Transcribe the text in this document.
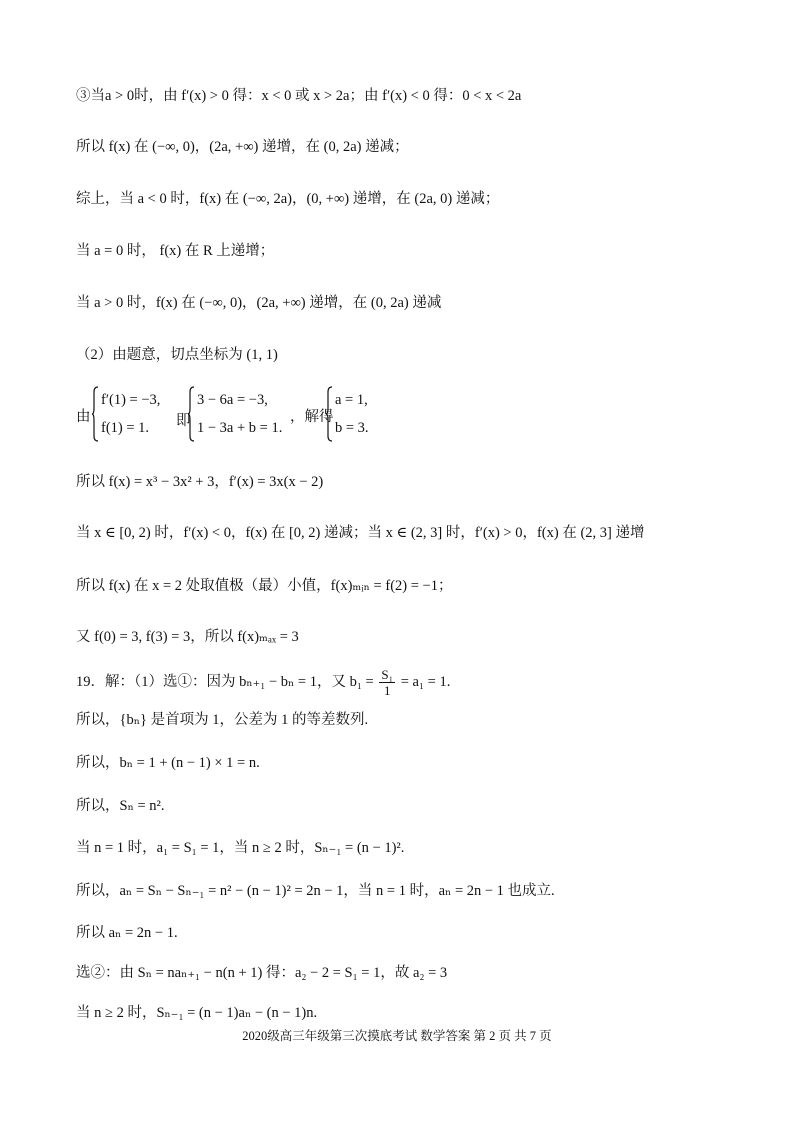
③当a > 0时，由 f′(x) > 0 得：x < 0 或 x > 2a；由 f′(x) < 0 得：0 < x < 2a
所以 f(x) 在 (−∞, 0)，(2a, +∞) 递增，在 (0, 2a) 递减；
综上，当 a < 0 时，f(x) 在 (−∞, 2a)，(0, +∞) 递增，在 (2a, 0) 递减；
当 a = 0 时， f(x) 在 R 上递增；
当 a > 0 时，f(x) 在 (−∞, 0)，(2a, +∞) 递增，在 (0, 2a) 递减
（2）由题意，切点坐标为 (1, 1)
由
f′(1) = −3,
f(1) = 1. 即
3 − 6a = −3,
1 − 3a + b = 1.
，解得
a = 1,
b = 3.
所以 f(x) = x³ − 3x² + 3，f′(x) = 3x(x − 2)
当 x ∈ [0, 2) 时，f′(x) < 0，f(x) 在 [0, 2) 递减；当 x ∈ (2, 3] 时，f′(x) > 0，f(x) 在 (2, 3] 递增
所以 f(x) 在 x = 2 处取值极（最）小值，f(x)ₘᵢₙ = f(2) = −1；
又 f(0) = 3, f(3) = 3，所以 f(x)ₘₐₓ = 3
19．解：（1）选①：因为 bₙ₊₁ − bₙ = 1，又 $b_1 = \frac{\text{S₁}}{1} = a_1 = 1$.
所以，{bₙ} 是首项为 1，公差为 1 的等差数列.
所以，bₙ = 1 + (n − 1) × 1 = n.
所以，Sₙ = n².
当 n = 1 时，a₁ = S₁ = 1，当 n ≥ 2 时，Sₙ₋₁ = (n − 1)².
所以，aₙ = Sₙ − Sₙ₋₁ = n² − (n − 1)² = 2n − 1，当 n = 1 时，aₙ = 2n − 1 也成立.
所以 aₙ = 2n − 1.
选②：由 Sₙ = naₙ₊₁ − n(n + 1) 得：a₂ − 2 = S₁ = 1，故 a₂ = 3
当 n ≥ 2 时，Sₙ₋₁ = (n − 1)aₙ − (n − 1)n.
2020级高三年级第三次摸底考试 数学答案 第 2 页 共 7 页
